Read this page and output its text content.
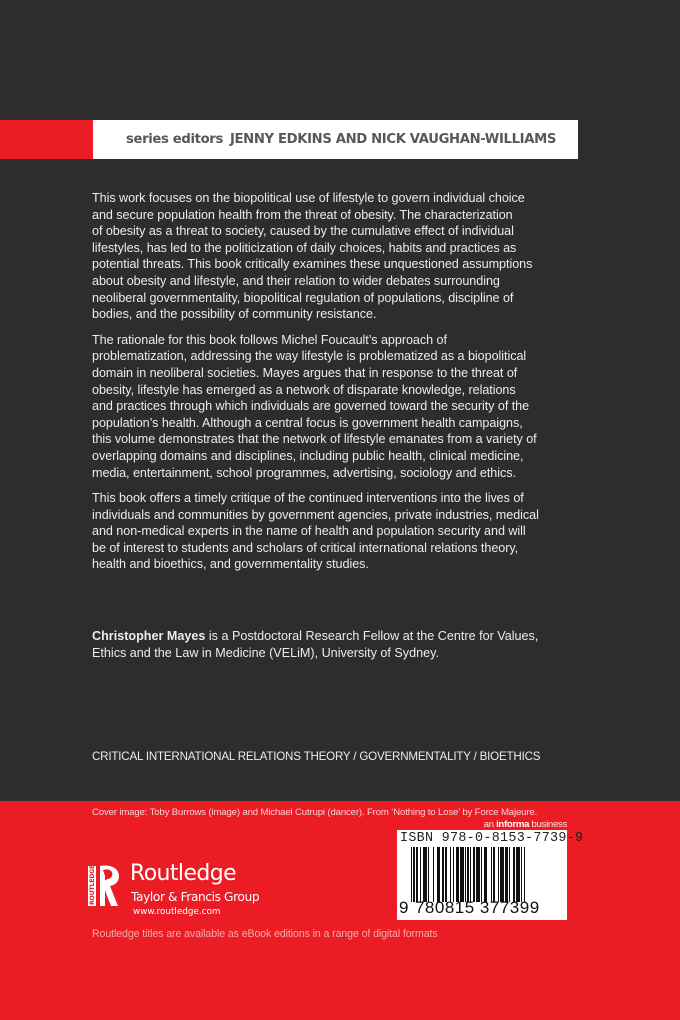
series editors JENNY EDKINS AND NICK VAUGHAN-WILLIAMS

This work focuses on the biopolitical use of lifestyle to govern individual choice
and secure population health from the threat of obesity. The characterization
of obesity as a threat to society, caused by the cumulative effect of individual
lifestyles, has led to the politicization of daily choices, habits and practices as
potential threats. This book critically examines these unquestioned assumptions
about obesity and lifestyle, and their relation to wider debates surrounding
neoliberal governmentality, biopolitical regulation of populations, discipline of
bodies, and the possibility of community resistance.

The rationale for this book follows Michel Foucault’s approach of
problematization, addressing the way lifestyle is problematized as a biopolitical
domain in neoliberal societies. Mayes argues that in response to the threat of
obesity, lifestyle has emerged as a network of disparate knowledge, relations
and practices through which individuals are governed toward the security of the
population’s health. Although a central focus is government health campaigns,
this volume demonstrates that the network of lifestyle emanates from a variety of
overlapping domains and disciplines, including public health, clinical medicine,
media, entertainment, school programmes, advertising, sociology and ethics.

This book offers a timely critique of the continued interventions into the lives of
individuals and communities by government agencies, private industries, medical
and non-medical experts in the name of health and population security and will
be of interest to students and scholars of critical international relations theory,
health and bioethics, and governmentality studies.

Christopher Mayes is a Postdoctoral Research Fellow at the Centre for Values,
Ethics and the Law in Medicine (VELiM), University of Sydney.
CRITICAL INTERNATIONAL RELATIONS THEORY / GOVERNMENTALITY / BIOETHICS
Cover image: Toby Burrows (image) and Michael Cutrupi (dancer). From ‘Nothing to Lose’ by Force Majeure.
an informa business
ISBN 978-0-8153-7739-9
9 780815 377399
ROUTLEDGE Routledge
Taylor & Francis Group
www.routledge.com
Routledge titles are available as eBook editions in a range of digital formats
